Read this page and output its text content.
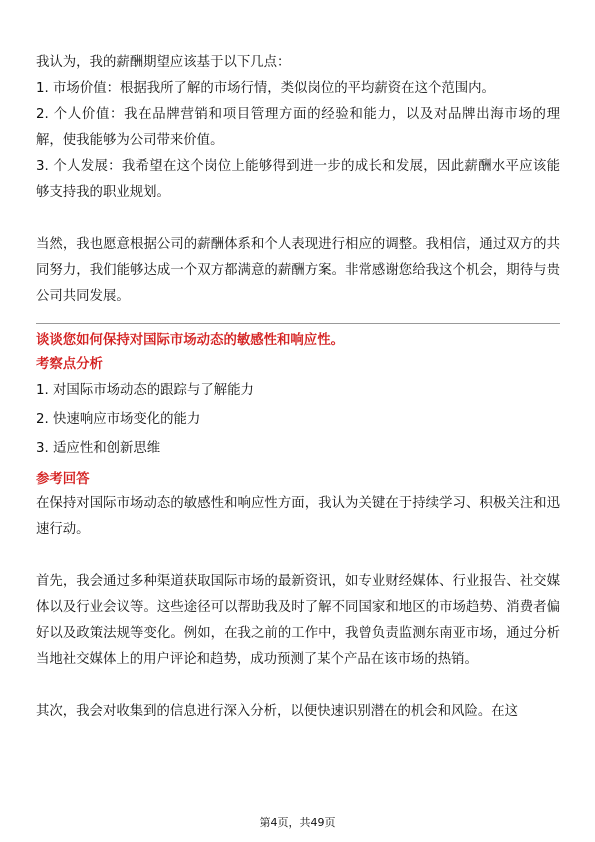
我认为，我的薪酬期望应该基于以下几点：

1. 市场价值：根据我所了解的市场行情，类似岗位的平均薪资在这个范围内。

2. 个人价值：我在品牌营销和项目管理方面的经验和能力，以及对品牌出海市场的理解，使我能够为公司带来价值。

3. 个人发展：我希望在这个岗位上能够得到进一步的成长和发展，因此薪酬水平应该能够支持我的职业规划。

当然，我也愿意根据公司的薪酬体系和个人表现进行相应的调整。我相信，通过双方的共同努力，我们能够达成一个双方都满意的薪酬方案。非常感谢您给我这个机会，期待与贵公司共同发展。

谈谈您如何保持对国际市场动态的敏感性和响应性。

考察点分析

1. 对国际市场动态的跟踪与了解能力

2. 快速响应市场变化的能力

3. 适应性和创新思维

参考回答

在保持对国际市场动态的敏感性和响应性方面，我认为关键在于持续学习、积极关注和迅速行动。

首先，我会通过多种渠道获取国际市场的最新资讯，如专业财经媒体、行业报告、社交媒体以及行业会议等。这些途径可以帮助我及时了解不同国家和地区的市场趋势、消费者偏好以及政策法规等变化。例如，在我之前的工作中，我曾负责监测东南亚市场，通过分析当地社交媒体上的用户评论和趋势，成功预测了某个产品在该市场的热销。

其次，我会对收集到的信息进行深入分析，以便快速识别潜在的机会和风险。在这

第4页，共49页
